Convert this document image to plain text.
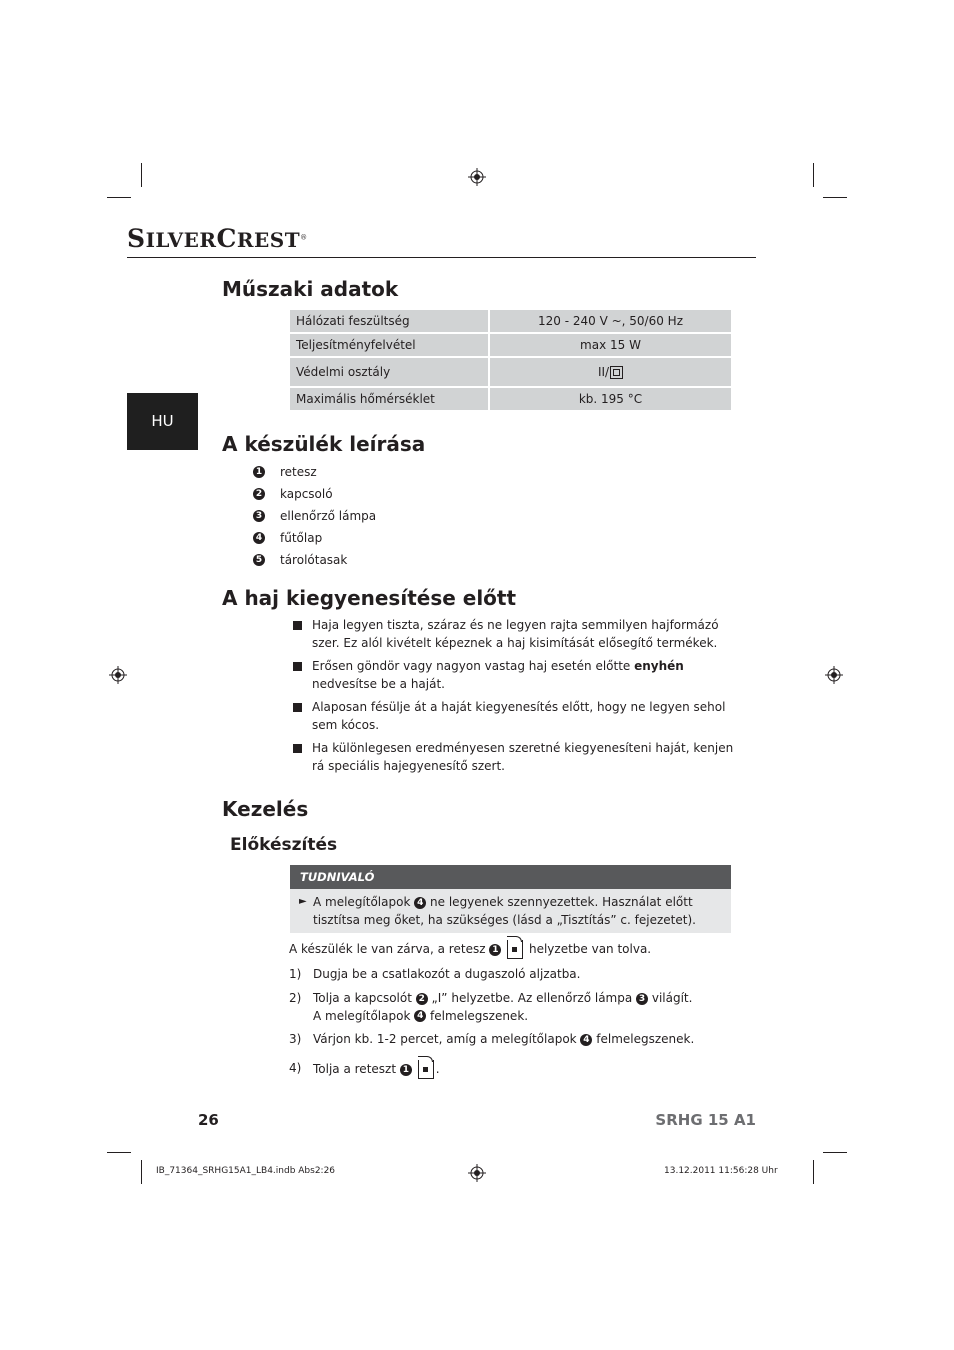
SILVERCREST®
HU
Műszaki adatok
Hálózati feszültség	120 - 240 V ~, 50/60 Hz
Teljesítményfelvétel	max 15 W
Védelmi osztály	II/
Maximális hőmérséklet	kb. 195 °C
A készülék leírása
1 retesz
2 kapcsoló
3 ellenőrző lámpa
4 fűtőlap
5 tárolótasak
A haj kiegyenesítése előtt
Haja legyen tiszta, száraz és ne legyen rajta semmilyen hajformázó szer. Ez alól kivételt képeznek a haj kisimítását elősegítő termékek.
Erősen göndör vagy nagyon vastag haj esetén előtte enyhén nedvesítse be a haját.
Alaposan fésülje át a haját kiegyenesítés előtt, hogy ne legyen sehol sem kócos.
Ha különlegesen eredményesen szeretné kiegyenesíteni haját, kenjen rá speciális hajegyenesítő szert.
Kezelés
Előkészítés
TUDNIVALÓ
► A melegítőlapok 4 ne legyenek szennyezettek. Használat előtt tisztítsa meg őket, ha szükséges (lásd a „Tisztítás” c. fejezetet).
A készülék le van zárva, a retesz 1  helyzetbe van tolva.
1) Dugja be a csatlakozót a dugaszoló aljzatba.
2) Tolja a kapcsolót 2 „I” helyzetbe. Az ellenőrző lámpa 3 világít.
A melegítőlapok 4 felmelegszenek.
3) Várjon kb. 1-2 percet, amíg a melegítőlapok 4 felmelegszenek.
4) Tolja a reteszt 1 .
26	SRHG 15 A1
IB_71364_SRHG15A1_LB4.indb Abs2:26	13.12.2011 11:56:28 Uhr
